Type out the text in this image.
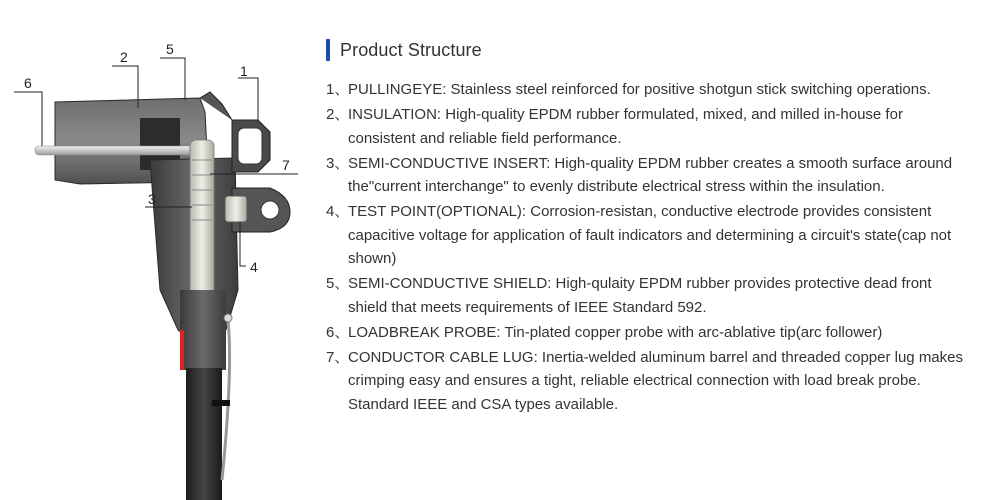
1
2
3
4
5
6
7
Product Structure
1、
PULLINGEYE: Stainless steel reinforced for positive shotgun stick switching operations.
2、
INSULATION: High-quality EPDM rubber formulated, mixed, and milled in-house for consistent and reliable field performance.
3、
SEMI-CONDUCTIVE INSERT: High-quality EPDM rubber creates a smooth surface around the"current interchange" to evenly distribute electrical stress within the insulation.
4、
TEST POINT(OPTIONAL): Corrosion-resistan, conductive electrode provides consistent capacitive voltage for application of fault indicators and determining a circuit's state(cap not shown)
5、
SEMI-CONDUCTIVE SHIELD: High-qulaity EPDM rubber provides protective dead front shield that meets requirements of IEEE Standard 592.
6、
LOADBREAK PROBE: Tin-plated copper probe with arc-ablative tip(arc follower)
7、
CONDUCTOR CABLE LUG: Inertia-welded aluminum barrel and threaded copper lug makes crimping easy and ensures a tight, reliable electrical connection with load break probe. Standard IEEE and CSA types available.
